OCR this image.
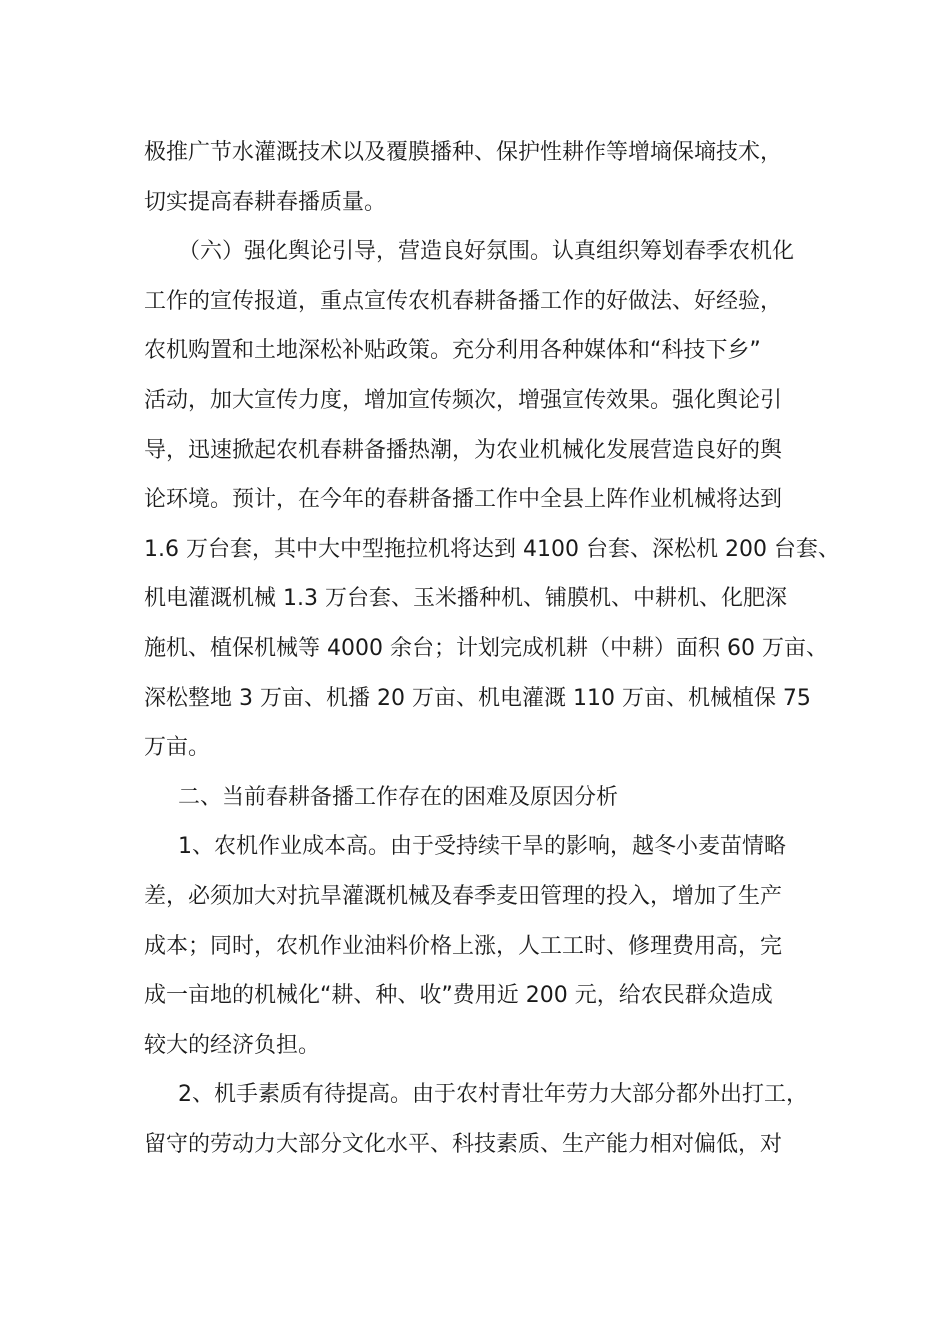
极推广节水灌溉技术以及覆膜播种、保护性耕作等增墒保墒技术，
切实提高春耕春播质量。
（六）强化舆论引导，营造良好氛围。认真组织筹划春季农机化
工作的宣传报道，重点宣传农机春耕备播工作的好做法、好经验，
农机购置和土地深松补贴政策。充分利用各种媒体和“科技下乡”
活动，加大宣传力度，增加宣传频次，增强宣传效果。强化舆论引
导，迅速掀起农机春耕备播热潮，为农业机械化发展营造良好的舆
论环境。预计，在今年的春耕备播工作中全县上阵作业机械将达到
1.6 万台套，其中大中型拖拉机将达到 4100 台套、深松机 200 台套、
机电灌溉机械 1.3 万台套、玉米播种机、铺膜机、中耕机、化肥深
施机、植保机械等 4000 余台；计划完成机耕（中耕）面积 60 万亩、
深松整地 3 万亩、机播 20 万亩、机电灌溉 110 万亩、机械植保 75
万亩。
二、当前春耕备播工作存在的困难及原因分析
1、农机作业成本高。由于受持续干旱的影响，越冬小麦苗情略
差，必须加大对抗旱灌溉机械及春季麦田管理的投入，增加了生产
成本；同时，农机作业油料价格上涨，人工工时、修理费用高，完
成一亩地的机械化“耕、种、收”费用近 200 元，给农民群众造成
较大的经济负担。
2、机手素质有待提高。由于农村青壮年劳力大部分都外出打工，
留守的劳动力大部分文化水平、科技素质、生产能力相对偏低，对
